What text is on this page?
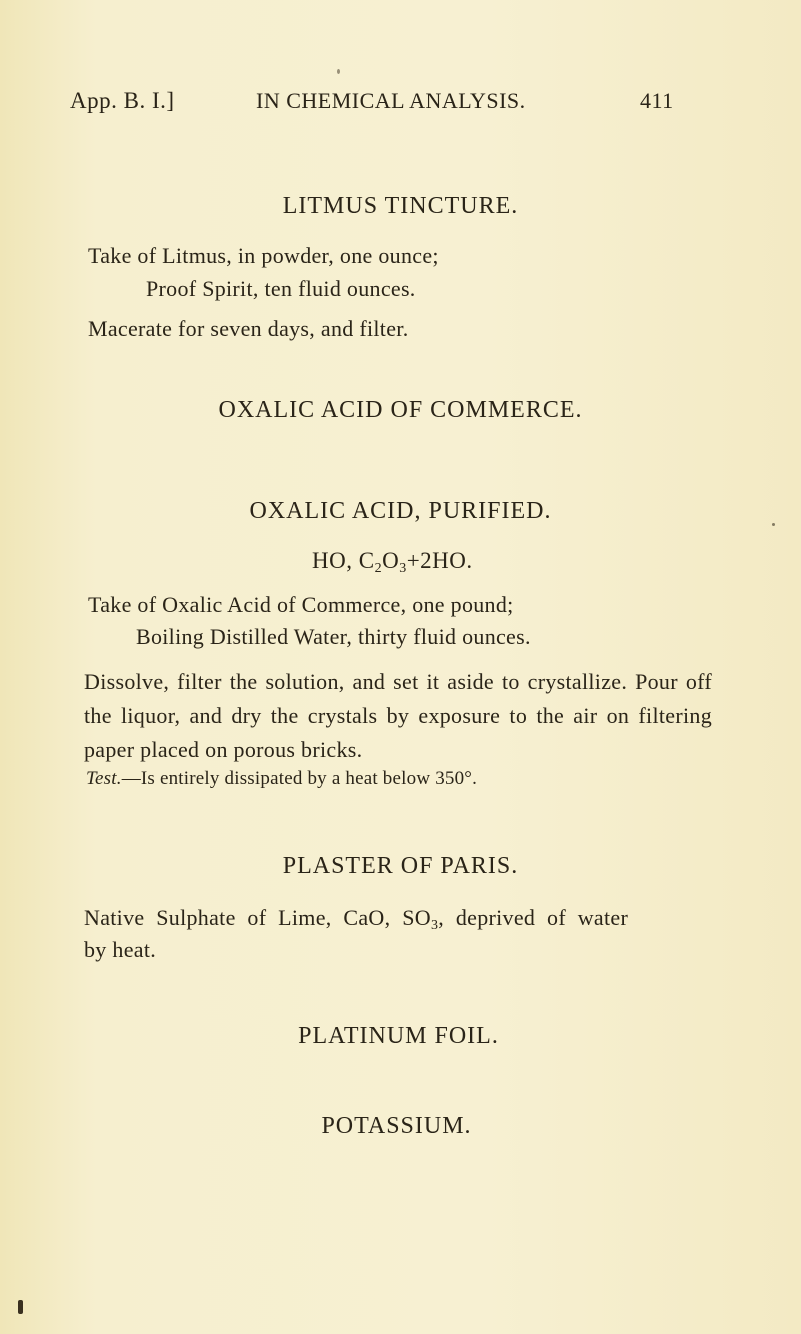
App. B. I.]	IN CHEMICAL ANALYSIS.	411
LITMUS TINCTURE.
Take of Litmus, in powder, one ounce;
Proof Spirit, ten fluid ounces.
Macerate for seven days, and filter.
OXALIC ACID OF COMMERCE.
OXALIC ACID, PURIFIED.
HO, $C_2O_3+2HO$.
Take of Oxalic Acid of Commerce, one pound;
Boiling Distilled Water, thirty fluid ounces.
Dissolve, filter the solution, and set it aside to crystallize. Pour off the liquor, and dry the crystals by exposure to the air on filtering paper placed on porous bricks.
Test.—Is entirely dissipated by a heat below 350°.
PLASTER OF PARIS.
Native Sulphate of Lime, CaO, $SO_3$, deprived of water
by heat.
PLATINUM FOIL.
POTASSIUM.
